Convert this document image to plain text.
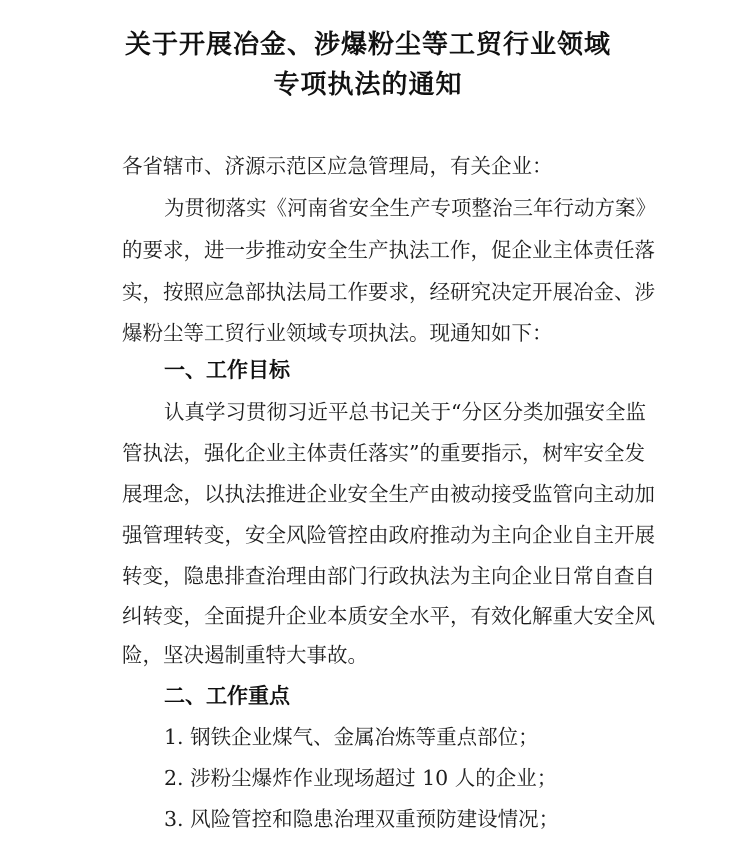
关于开展冶金、涉爆粉尘等工贸行业领域
专项执法的通知
各省辖市、济源示范区应急管理局，有关企业：
为贯彻落实《河南省安全生产专项整治三年行动方案》
的要求，进一步推动安全生产执法工作，促企业主体责任落
实，按照应急部执法局工作要求，经研究决定开展冶金、涉
爆粉尘等工贸行业领域专项执法。现通知如下：
一、工作目标
认真学习贯彻习近平总书记关于“分区分类加强安全监
管执法，强化企业主体责任落实”的重要指示，树牢安全发
展理念，以执法推进企业安全生产由被动接受监管向主动加
强管理转变，安全风险管控由政府推动为主向企业自主开展
转变，隐患排查治理由部门行政执法为主向企业日常自查自
纠转变，全面提升企业本质安全水平，有效化解重大安全风
险，坚决遏制重特大事故。
二、工作重点
1. 钢铁企业煤气、金属冶炼等重点部位；
2. 涉粉尘爆炸作业现场超过 10 人的企业；
3. 风险管控和隐患治理双重预防建设情况；
